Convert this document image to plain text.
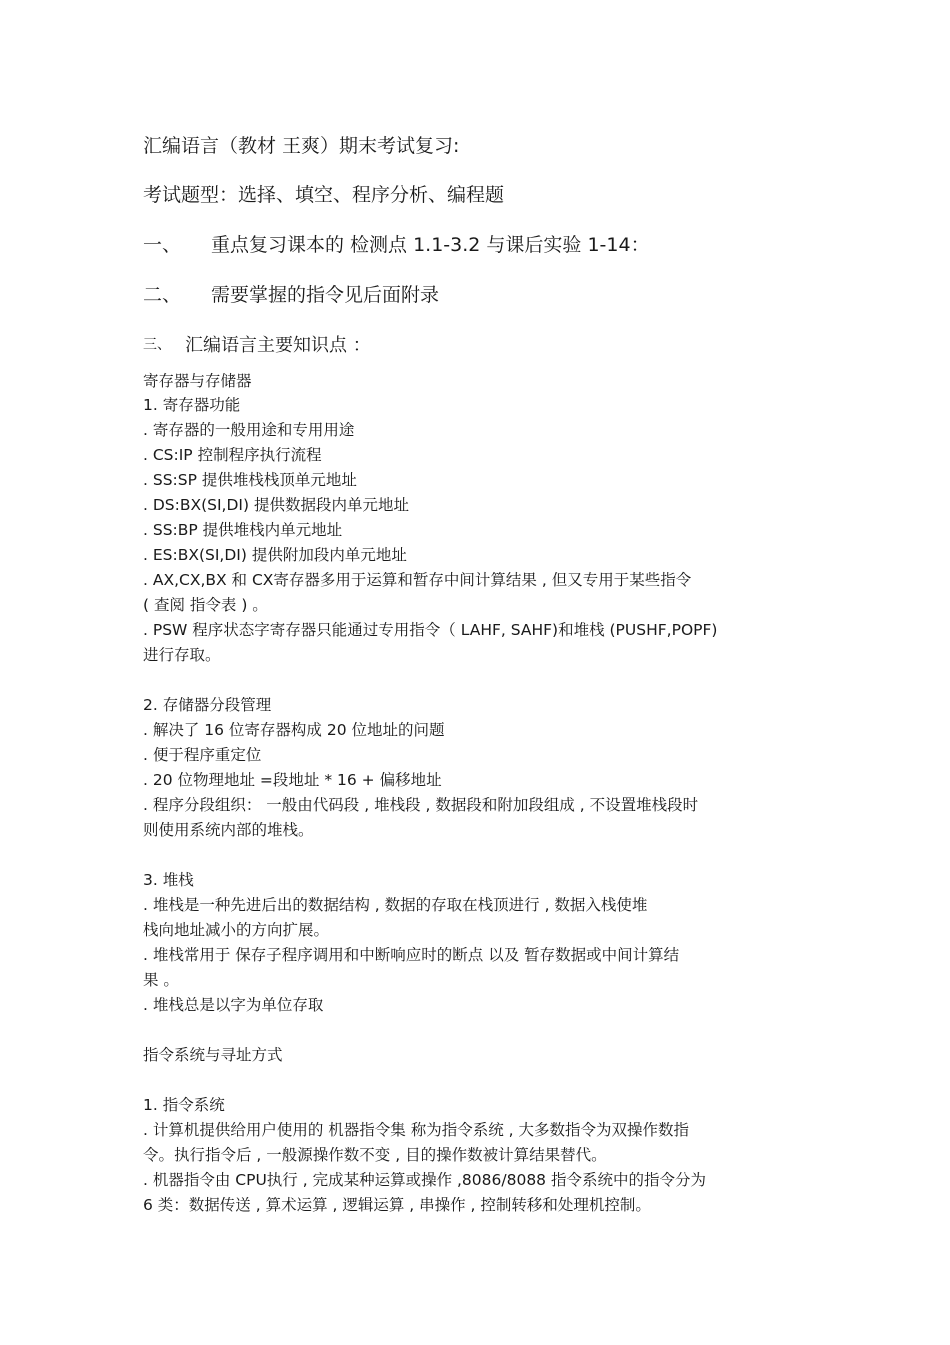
汇编语言（教材 王爽）期末考试复习:
考试题型：选择、填空、程序分析、编程题
一、 重点复习课本的 检测点 1.1-3.2 与课后实验 1-14：
二、 需要掌握的指令见后面附录
三、 汇编语言主要知识点 ：
寄存器与存储器
1. 寄存器功能
. 寄存器的一般用途和专用用途
. CS:IP 控制程序执行流程
. SS:SP 提供堆栈栈顶单元地址
. DS:BX(SI,DI) 提供数据段内单元地址
. SS:BP 提供堆栈内单元地址
. ES:BX(SI,DI) 提供附加段内单元地址
. AX,CX,BX 和 CX寄存器多用于运算和暂存中间计算结果 , 但又专用于某些指令
( 查阅 指令表 ) 。
. PSW 程序状态字寄存器只能通过专用指令（ LAHF, SAHF)和堆栈 (PUSHF,POPF)
进行存取。
2. 存储器分段管理
. 解决了 16 位寄存器构成 20 位地址的问题
. 便于程序重定位
. 20 位物理地址 =段地址 * 16 + 偏移地址
. 程序分段组织： 一般由代码段 , 堆栈段 , 数据段和附加段组成 , 不设置堆栈段时
则使用系统内部的堆栈。
3. 堆栈
. 堆栈是一种先进后出的数据结构 , 数据的存取在栈顶进行 , 数据入栈使堆
栈向地址减小的方向扩展。
. 堆栈常用于 保存子程序调用和中断响应时的断点 以及 暂存数据或中间计算结
果 。
. 堆栈总是以字为单位存取
指令系统与寻址方式
1. 指令系统
. 计算机提供给用户使用的 机器指令集 称为指令系统 , 大多数指令为双操作数指
令。执行指令后 , 一般源操作数不变 , 目的操作数被计算结果替代。
. 机器指令由 CPU执行 , 完成某种运算或操作 ,8086/8088 指令系统中的指令分为
6 类：数据传送 , 算术运算 , 逻辑运算 , 串操作 , 控制转移和处理机控制。
